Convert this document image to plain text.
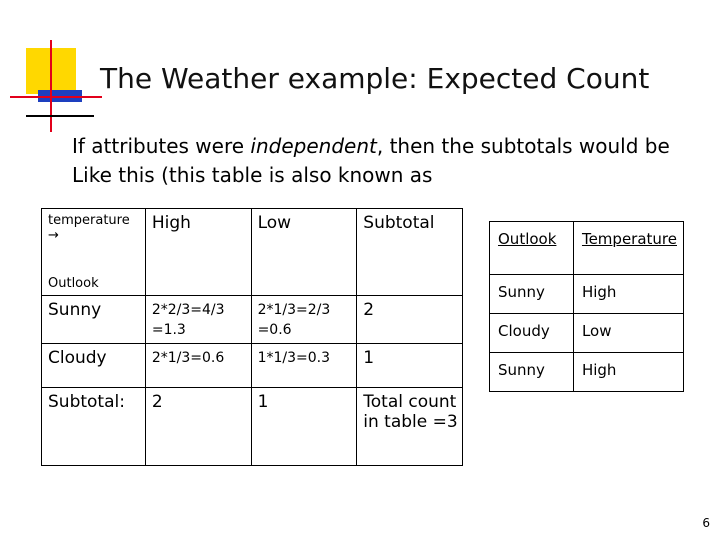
The Weather example: Expected Count
If attributes were independent, then the subtotals would be
Like this (this table is also known as
temperature
→
Outlook	High	Low	Subtotal
Sunny	2*2/3=4/3 =1.3	2*1/3=2/3 =0.6	2
Cloudy	2*1/3=0.6	1*1/3=0.3	1
Subtotal:	2	1	Total count in table =3
Outlook	Temperature
Sunny	High
Cloudy	Low
Sunny	High
6
